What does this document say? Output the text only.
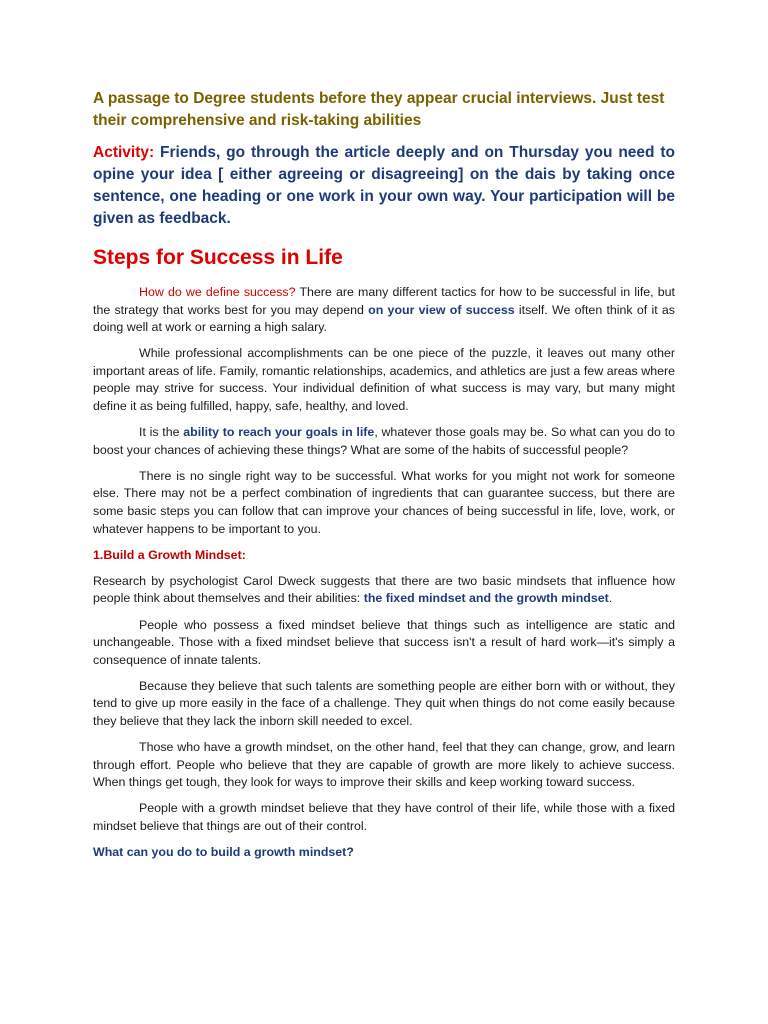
A passage to Degree students before they appear crucial interviews. Just test their comprehensive and risk-taking abilities

Activity: Friends, go through the article deeply and on Thursday you need to opine your idea [ either agreeing or disagreeing] on the dais by taking once sentence, one heading or one work in your own way. Your participation will be given as feedback.

Steps for Success in Life

How do we define success? There are many different tactics for how to be successful in life, but the strategy that works best for you may depend on your view of success itself. We often think of it as doing well at work or earning a high salary.

While professional accomplishments can be one piece of the puzzle, it leaves out many other important areas of life. Family, romantic relationships, academics, and athletics are just a few areas where people may strive for success. Your individual definition of what success is may vary, but many might define it as being fulfilled, happy, safe, healthy, and loved.

It is the ability to reach your goals in life, whatever those goals may be. So what can you do to boost your chances of achieving these things? What are some of the habits of successful people?

There is no single right way to be successful. What works for you might not work for someone else. There may not be a perfect combination of ingredients that can guarantee success, but there are some basic steps you can follow that can improve your chances of being successful in life, love, work, or whatever happens to be important to you.

1.Build a Growth Mindset:

Research by psychologist Carol Dweck suggests that there are two basic mindsets that influence how people think about themselves and their abilities: the fixed mindset and the growth mindset.

People who possess a fixed mindset believe that things such as intelligence are static and unchangeable. Those with a fixed mindset believe that success isn't a result of hard work—it's simply a consequence of innate talents.

Because they believe that such talents are something people are either born with or without, they tend to give up more easily in the face of a challenge. They quit when things do not come easily because they believe that they lack the inborn skill needed to excel.

Those who have a growth mindset, on the other hand, feel that they can change, grow, and learn through effort. People who believe that they are capable of growth are more likely to achieve success. When things get tough, they look for ways to improve their skills and keep working toward success.

People with a growth mindset believe that they have control of their life, while those with a fixed mindset believe that things are out of their control.

What can you do to build a growth mindset?
